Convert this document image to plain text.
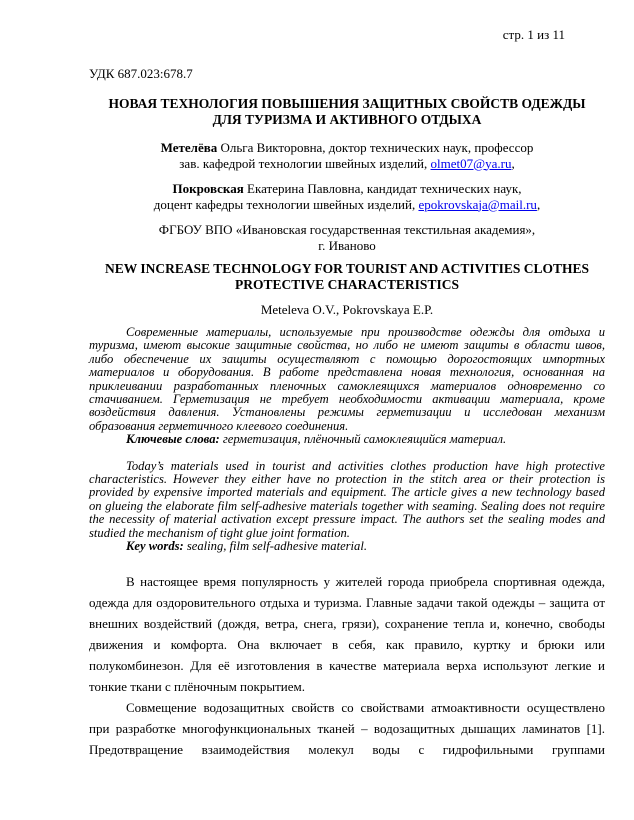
стр. 1 из 11
УДК 687.023:678.7
НОВАЯ ТЕХНОЛОГИЯ ПОВЫШЕНИЯ ЗАЩИТНЫХ СВОЙСТВ ОДЕЖДЫ
ДЛЯ ТУРИЗМА И АКТИВНОГО ОТДЫХА
Метелёва Ольга Викторовна, доктор технических наук, профессор
зав. кафедрой технологии швейных изделий, olmet07@ya.ru,
Покровская Екатерина Павловна, кандидат технических наук,
доцент кафедры технологии швейных изделий, epokrovskaja@mail.ru,
ФГБОУ ВПО «Ивановская государственная текстильная академия»,
г. Иваново
NEW INCREASE TECHNOLOGY FOR TOURIST AND ACTIVITIES CLOTHES
PROTECTIVE CHARACTERISTICS
Meteleva O.V., Pokrovskaya E.P.

Современные материалы, используемые при производстве одежды для отдыха и туризма, имеют высокие защитные свойства, но либо не имеют защиты в области швов, либо обеспечение их защиты осуществляют с помощью дорогостоящих импортных материалов и оборудования. В работе представлена новая технология, основанная на приклеивании разработанных пленочных самоклеящихся материалов одновременно со стачиванием. Герметизация не требует необходимости активации материала, кроме воздействия давления. Установлены режимы герметизации и исследован механизм образования герметичного клеевого соединения.

Ключевые слова: герметизация, плёночный самоклеящийся материал.

Today’s materials used in tourist and activities clothes production have high protective characteristics. However they either have no protection in the stitch area or their protection is provided by expensive imported materials and equipment. The article gives a new technology based on glueing the elaborate film self-adhesive materials together with seaming. Sealing does not require the necessity of material activation except pressure impact. The authors set the sealing modes and studied the mechanism of tight glue joint formation.

Key words: sealing, film self-adhesive material.

В настоящее время популярность у жителей города приобрела спортивная одежда, одежда для оздоровительного отдыха и туризма. Главные задачи такой одежды – защита от внешних воздействий (дождя, ветра, снега, грязи), сохранение тепла и, конечно, свободы движения и комфорта. Она включает в себя, как правило, куртку и брюки или полукомбинезон. Для её изготовления в качестве материала верха используют легкие и тонкие ткани с плёночным покрытием.

Совмещение водозащитных свойств со свойствами атмоактивности осуществлено при разработке многофункциональных тканей – водозащитных дышащих ламинатов [1]. Предотвращение взаимодействия молекул воды с гидрофильными группами
